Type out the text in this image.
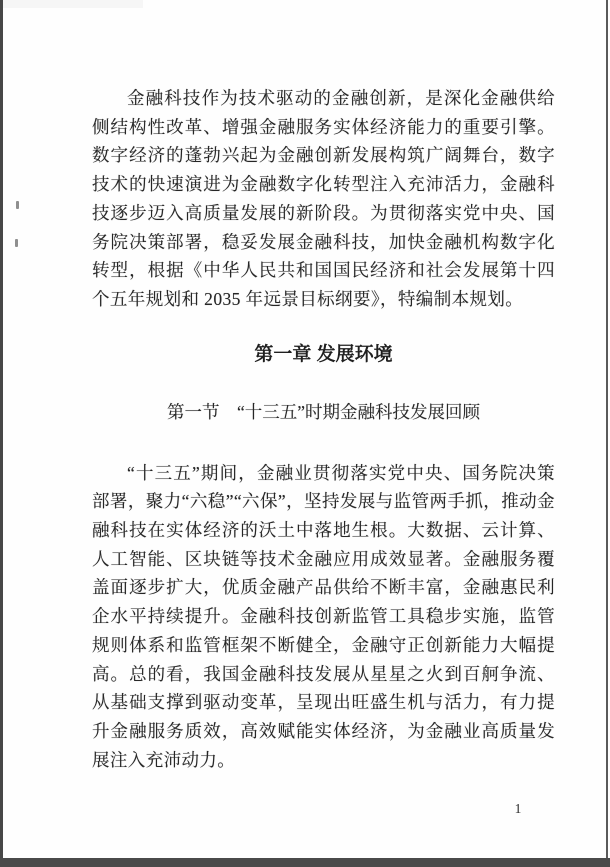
金融科技作为技术驱动的金融创新，是深化金融供给侧结构性改革、增强金融服务实体经济能力的重要引擎。数字经济的蓬勃兴起为金融创新发展构筑广阔舞台，数字技术的快速演进为金融数字化转型注入充沛活力，金融科技逐步迈入高质量发展的新阶段。为贯彻落实党中央、国务院决策部署，稳妥发展金融科技，加快金融机构数字化转型，根据《中华人民共和国国民经济和社会发展第十四个五年规划和 2035 年远景目标纲要》，特编制本规划。

第一章 发展环境
第一节　“十三五”时期金融科技发展回顾

“十三五”期间，金融业贯彻落实党中央、国务院决策部署，聚力“六稳”“六保”，坚持发展与监管两手抓，推动金融科技在实体经济的沃土中落地生根。大数据、云计算、人工智能、区块链等技术金融应用成效显著。金融服务覆盖面逐步扩大，优质金融产品供给不断丰富，金融惠民利企水平持续提升。金融科技创新监管工具稳步实施，监管规则体系和监管框架不断健全，金融守正创新能力大幅提高。总的看，我国金融科技发展从星星之火到百舸争流、从基础支撑到驱动变革，呈现出旺盛生机与活力，有力提升金融服务质效，高效赋能实体经济，为金融业高质量发展注入充沛动力。

1
